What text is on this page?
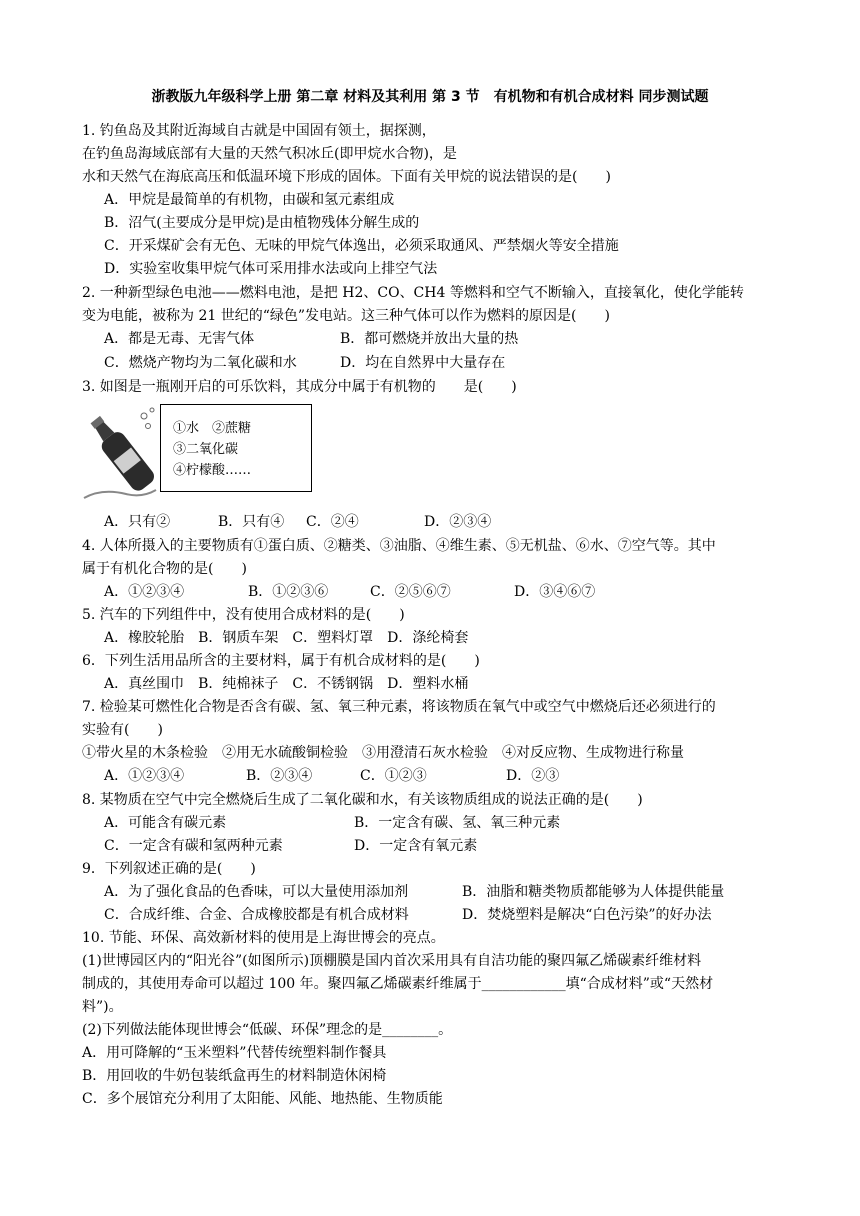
浙教版九年级科学上册 第二章 材料及其利用 第 3 节　有机物和有机合成材料 同步测试题
1. 钓鱼岛及其附近海域自古就是中国固有领土，据探测，
在钓鱼岛海域底部有大量的天然气积冰丘(即甲烷水合物)，是
水和天然气在海底高压和低温环境下形成的固体。下面有关甲烷的说法错误的是(　　)
A．甲烷是最简单的有机物，由碳和氢元素组成
B．沼气(主要成分是甲烷)是由植物残体分解生成的
C．开采煤矿会有无色、无味的甲烷气体逸出，必须采取通风、严禁烟火等安全措施
D．实验室收集甲烷气体可采用排水法或向上排空气法
2. 一种新型绿色电池——燃料电池，是把 H2、CO、CH4 等燃料和空气不断输入，直接氧化，使化学能转
变为电能，被称为 21 世纪的“绿色”发电站。这三种气体可以作为燃料的原因是(　　)
A．都是无毒、无害气体	B．都可燃烧并放出大量的热
C．燃烧产物均为二氧化碳和水	D．均在自然界中大量存在
3. 如图是一瓶刚开启的可乐饮料，其成分中属于有机物的　　是(　　)
①水　②蔗糖
③二氧化碳
④柠檬酸……
A．只有②	B．只有④ C．②④	D．②③④
4. 人体所摄入的主要物质有①蛋白质、②糖类、③油脂、④维生素、⑤无机盐、⑥水、⑦空气等。其中
属于有机化合物的是(　　)
A．①②③④	B．①②③⑥	C．②⑤⑥⑦	D．③④⑥⑦
5. 汽车的下列组件中，没有使用合成材料的是(　　)
A．橡胶轮胎　B．钢质车架　C．塑料灯罩　D．涤纶椅套
6．下列生活用品所含的主要材料，属于有机合成材料的是(　　)
A．真丝围巾　B．纯棉袜子　C．不锈钢锅　D．塑料水桶
7. 检验某可燃性化合物是否含有碳、氢、氧三种元素，将该物质在氧气中或空气中燃烧后还必须进行的
实验有(　　)
①带火星的木条检验　②用无水硫酸铜检验　③用澄清石灰水检验　④对反应物、生成物进行称量
A．①②③④	B．②③④	C．①②③	D．②③
8. 某物质在空气中完全燃烧后生成了二氧化碳和水，有关该物质组成的说法正确的是(　　)
A．可能含有碳元素	B．一定含有碳、氢、氧三种元素
C．一定含有碳和氢两种元素	D．一定含有氧元素
9．下列叙述正确的是(　　)
A．为了强化食品的色香味，可以大量使用添加剂	B．油脂和糖类物质都能够为人体提供能量
C．合成纤维、合金、合成橡胶都是有机合成材料	D．焚烧塑料是解决“白色污染”的好办法
10. 节能、环保、高效新材料的使用是上海世博会的亮点。
(1)世博园区内的“阳光谷”(如图所示)顶棚膜是国内首次采用具有自洁功能的聚四氟乙烯碳素纤维材料
制成的，其使用寿命可以超过 100 年。聚四氟乙烯碳素纤维属于____________填“合成材料”或“天然材
料”)。
(2)下列做法能体现世博会“低碳、环保”理念的是________。
A．用可降解的“玉米塑料”代替传统塑料制作餐具
B．用回收的牛奶包装纸盒再生的材料制造休闲椅
C．多个展馆充分利用了太阳能、风能、地热能、生物质能
